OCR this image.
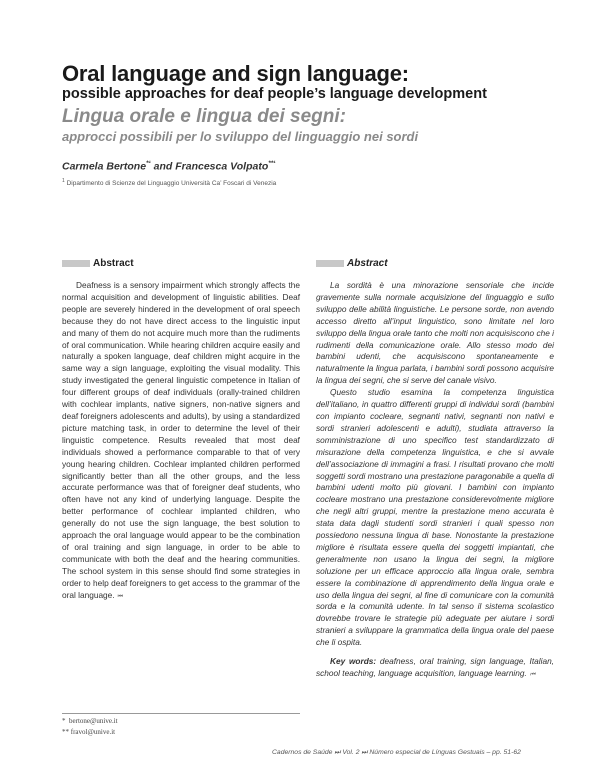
Oral language and sign language:
possible approaches for deaf people’s language development
Lingua orale e lingua dei segni:
approcci possibili per lo sviluppo del linguaggio nei sordi
Carmela Bertone$^{*^1}$ and Francesca Volpato$^{**^1}$
$^1$ Dipartimento di Scienze del Linguaggio Università Ca’ Foscari di Venezia
Abstract	Abstract

Deafness is a sensory impairment which strongly affects the normal acquisition and development of linguistic abilities. Deaf people are severely hindered in the development of oral speech because they do not have direct access to the linguistic input and many of them do not acquire much more than the rudiments of oral communication. While hearing children acquire easily and naturally a spoken language, deaf children might acquire in the same way a sign language, exploiting the visual modality. This study investigated the general linguistic competence in Italian of four different groups of deaf individuals (orally-trained children with cochlear implants, native signers, non-native signers and deaf foreigners adolescents and adults), by using a standardized picture matching task, in order to determine the level of their linguistic competence. Results revealed that most deaf individuals showed a performance comparable to that of very young hearing children. Cochlear implanted children performed significantly better than all the other groups, and the less accurate performance was that of foreigner deaf students, who often have not any kind of underlying language. Despite the better performance of cochlear implanted children, who generally do not use the sign language, the best solution to approach the oral language would appear to be the combination of oral training and sign language, in order to be able to communicate with both the deaf and the hearing communities. The school system in this sense should find some strategies in order to help deaf foreigners to get access to the grammar of the oral language. ⏮

La sordità è una minorazione sensoriale che incide gravemente sulla normale acquisizione del linguaggio e sullo sviluppo delle abilità linguistiche. Le persone sorde, non avendo accesso diretto all’input linguistico, sono limitate nel loro sviluppo della lingua orale tanto che molti non acquisiscono che i rudimenti della comunicazione orale. Allo stesso modo dei bambini udenti, che acquisiscono spontaneamente e naturalmente la lingua parlata, i bambini sordi possono acquisire la lingua dei segni, che si serve del canale visivo.

Questo studio esamina la competenza linguistica dell’italiano, in quattro differenti gruppi di individui sordi (bambini con impianto cocleare, segnanti nativi, segnanti non nativi e sordi stranieri adolescenti e adulti), studiata attraverso la somministrazione di uno specifico test standardizzato di misurazione della competenza linguistica, e che si avvale dell’associazione di immagini a frasi. I risultati provano che molti soggetti sordi mostrano una prestazione paragonabile a quella di bambini udenti molto più giovani. I bambini con impianto cocleare mostrano una prestazione considerevolmente migliore che negli altri gruppi, mentre la prestazione meno accurata è stata data dagli studenti sordi stranieri i quali spesso non possiedono nessuna lingua di base. Nonostante la prestazione migliore è risultata essere quella dei soggetti impiantati, che generalmente non usano la lingua dei segni, la migliore soluzione per un efficace approccio alla lingua orale, sembra essere la combinazione di apprendimento della lingua orale e uso della lingua dei segni, al fine di comunicare con la comunità sorda e la comunità udente. In tal senso il sistema scolastico dovrebbe trovare le strategie più adeguate per aiutare i sordi stranieri a sviluppare la grammatica della lingua orale del paese che li ospita.

Key words: deafness, oral training, sign language, Italian, school teaching, language acquisition, language learning. ⏮

* bertone@unive.it
** fravol@unive.it
Cadernos de Saúde ⏭ Vol. 2 ⏭ Número especial de Línguas Gestuais – pp. 51-62
